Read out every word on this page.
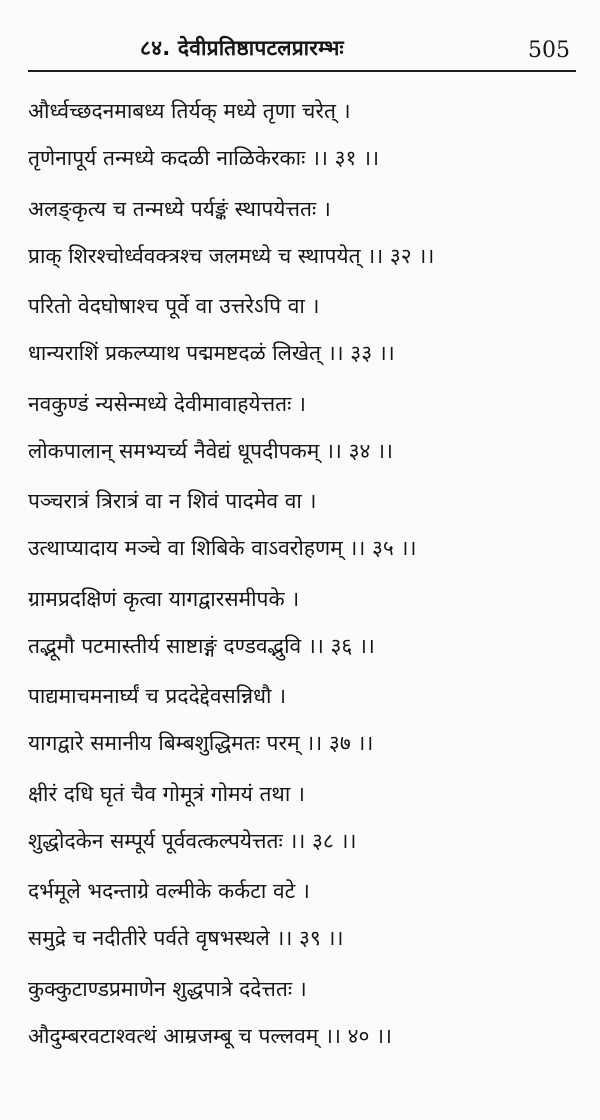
८४. देवीप्रतिष्ठापटलप्रारम्भः	505
और्ध्वच्छदनमाबध्य तिर्यक् मध्ये तृणा चरेत् ।
तृणेनापूर्य तन्मध्ये कदळी नाळिकेरकाः ।। ३१ ।।
अलङ्कृत्य च तन्मध्ये पर्यङ्कं स्थापयेत्ततः ।
प्राक् शिरश्चोर्ध्ववक्त्रश्च जलमध्ये च स्थापयेत् ।। ३२ ।।
परितो वेदघोषाश्च पूर्वे वा उत्तरेऽपि वा ।
धान्यराशिं प्रकल्प्याथ पद्ममष्टदळं लिखेत् ।। ३३ ।।
नवकुण्डं न्यसेन्मध्ये देवीमावाहयेत्ततः ।
लोकपालान् समभ्यर्च्य नैवेद्यं धूपदीपकम् ।। ३४ ।।
पञ्चरात्रं त्रिरात्रं वा न शिवं पादमेव वा ।
उत्थाप्यादाय मञ्चे वा शिबिके वाऽवरोहणम् ।। ३५ ।।
ग्रामप्रदक्षिणं कृत्वा यागद्वारसमीपके ।
तद्भूमौ पटमास्तीर्य साष्टाङ्गं दण्डवद्भुवि ।। ३६ ।।
पाद्यमाचमनार्घ्यं च प्रददेद्देवसन्निधौ ।
यागद्वारे समानीय बिम्बशुद्धिमतः परम् ।। ३७ ।।
क्षीरं दधि घृतं चैव गोमूत्रं गोमयं तथा ।
शुद्धोदकेन सम्पूर्य पूर्ववत्कल्पयेत्ततः ।। ३८ ।।
दर्भमूले भदन्ताग्रे वल्मीके कर्कटा वटे ।
समुद्रे च नदीतीरे पर्वते वृषभस्थले ।। ३९ ।।
कुक्कुटाण्डप्रमाणेन शुद्धपात्रे ददेत्ततः ।
औदुम्बरवटाश्वत्थं आम्रजम्बू च पल्लवम् ।। ४० ।।
